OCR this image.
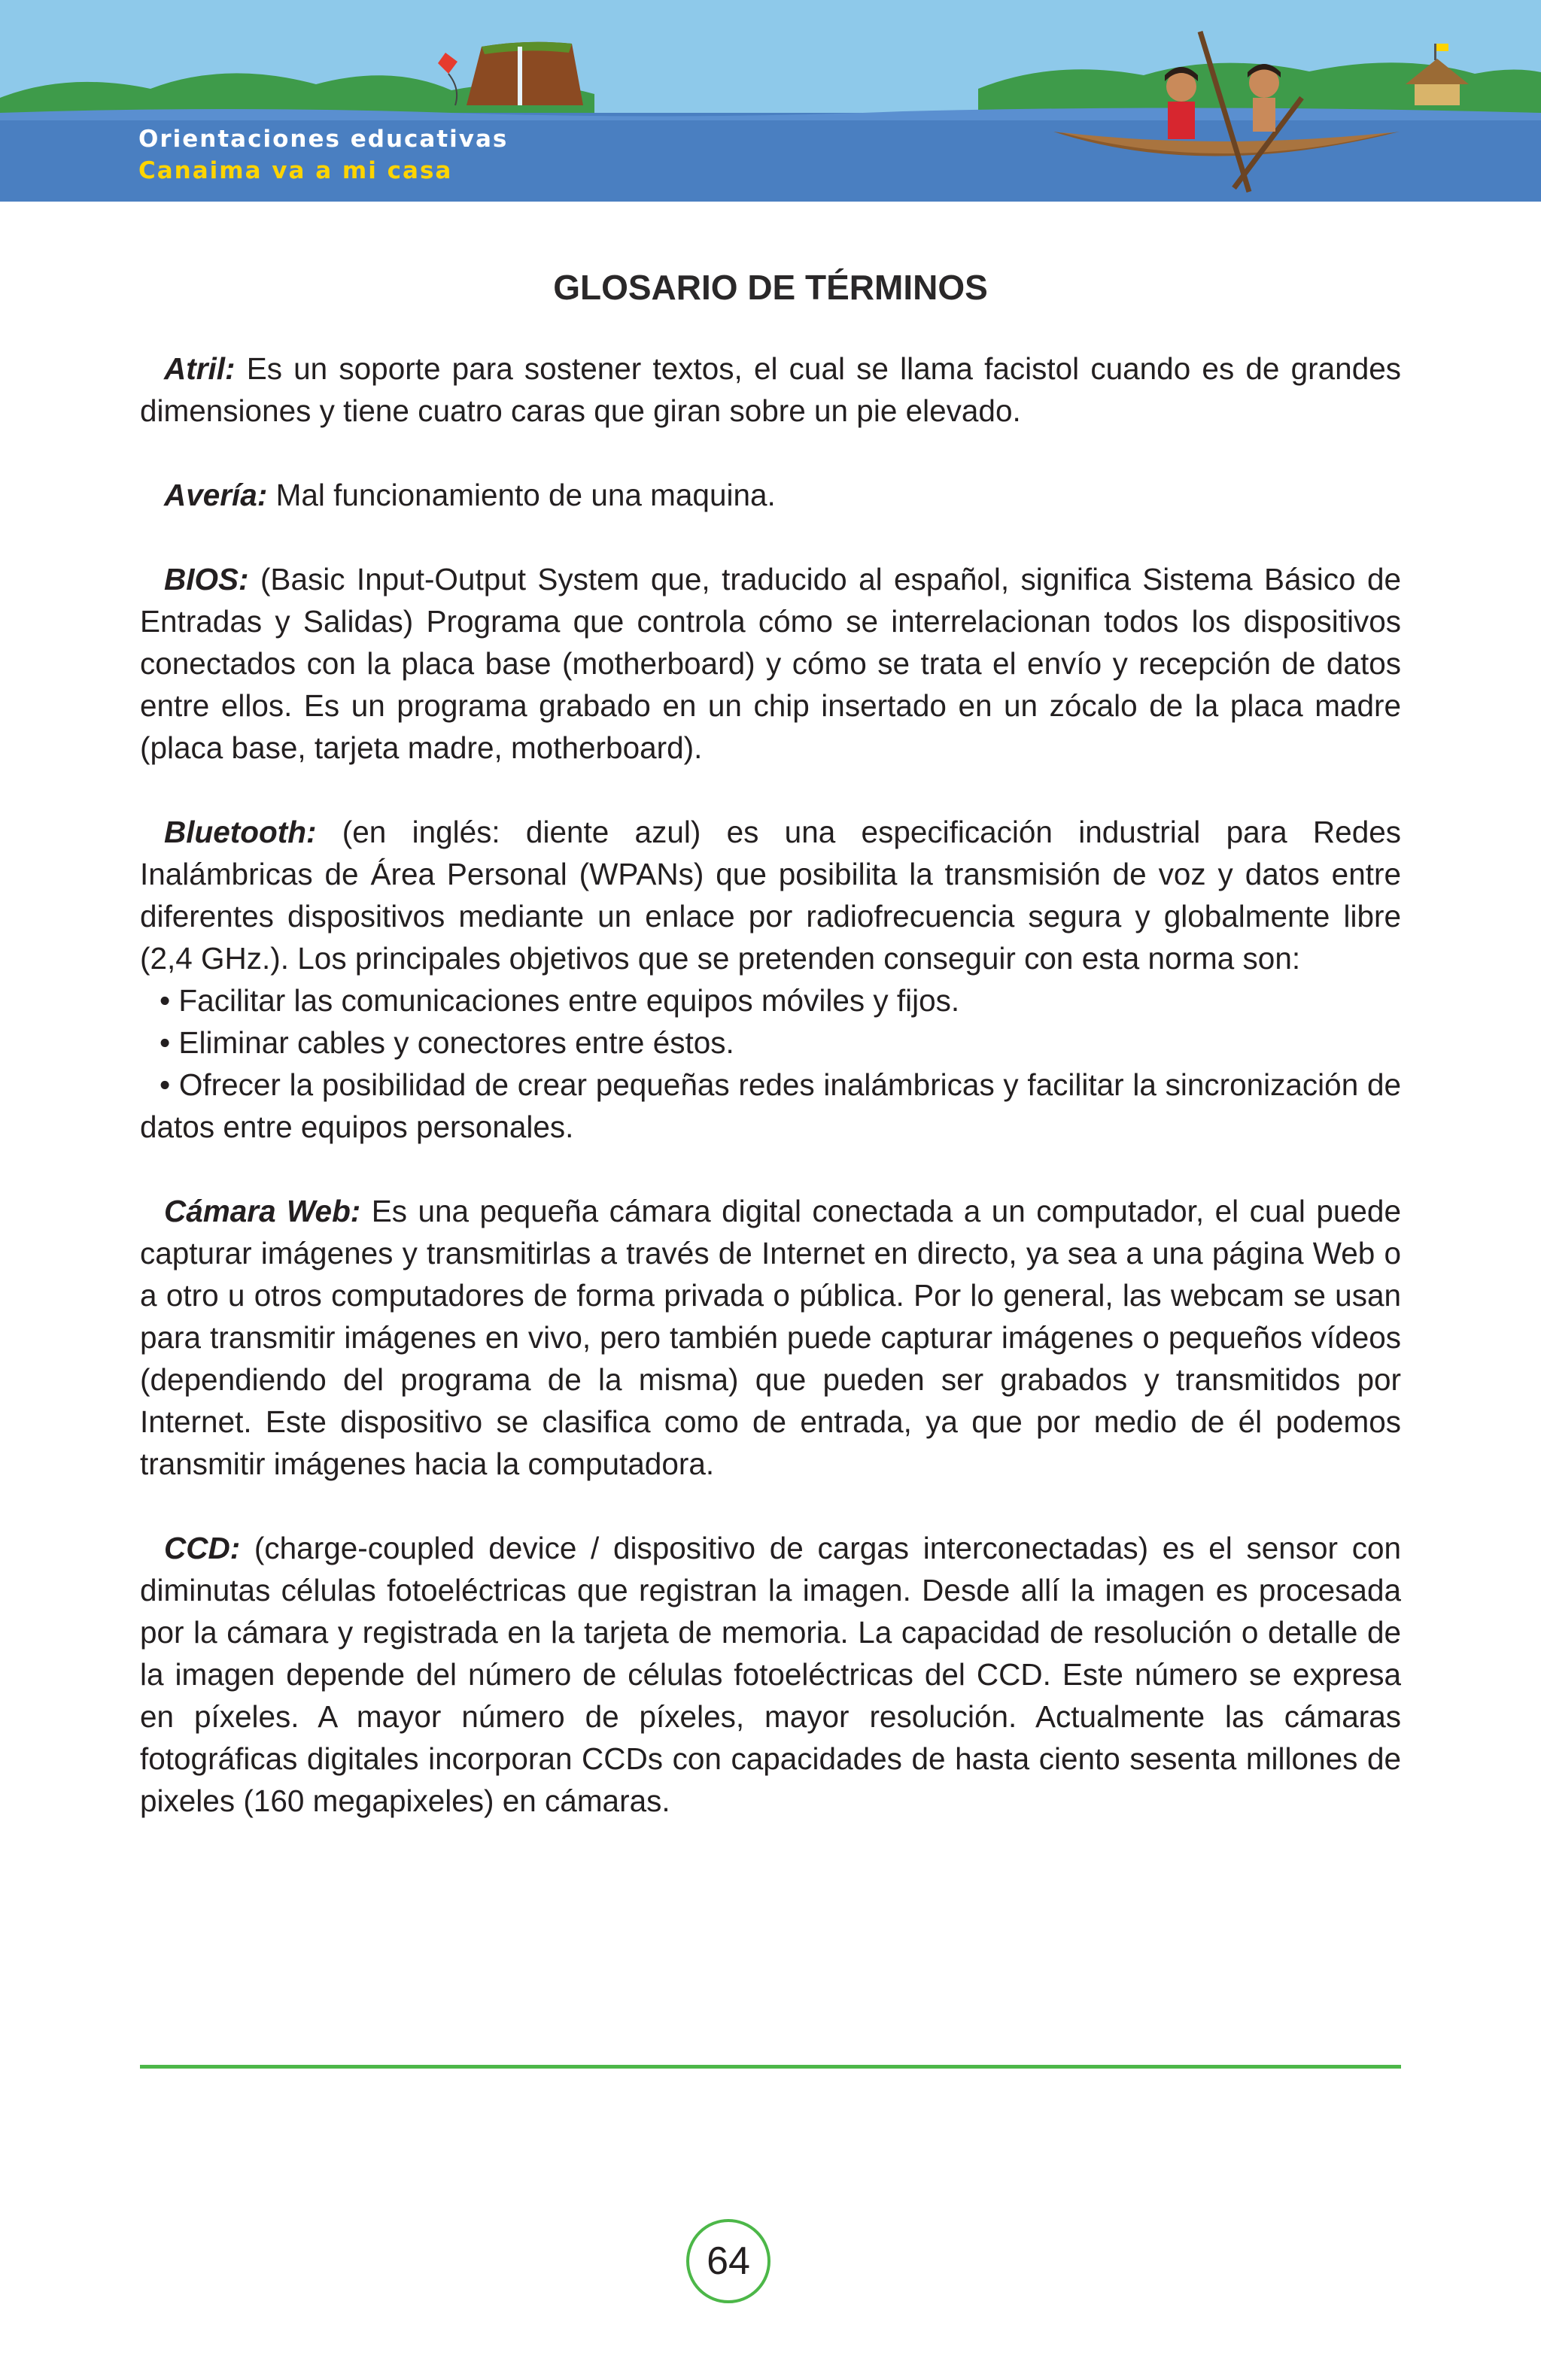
Orientaciones educativas
Canaima va a mi casa
GLOSARIO DE TÉRMINOS

Atril: Es un soporte para sostener textos, el cual se llama facistol cuando es de grandes dimensiones y tiene cuatro caras que giran sobre un pie elevado.

Avería: Mal funcionamiento de una maquina.

BIOS: (Basic Input-Output System que, traducido al español, significa Sistema Básico de Entradas y Salidas) Programa que controla cómo se interrelacionan todos los dispositivos conectados con la placa base (motherboard) y cómo se trata el envío y recepción de datos entre ellos. Es un programa grabado en un chip insertado en un zócalo de la placa madre (placa base, tarjeta madre, motherboard).

Bluetooth: (en inglés: diente azul) es una especificación industrial para Redes Inalámbricas de Área Personal (WPANs) que posibilita la transmisión de voz y datos entre diferentes dispositivos mediante un enlace por radiofrecuencia segura y globalmente libre (2,4 GHz.). Los principales objetivos que se pretenden conseguir con esta norma son:

• Facilitar las comunicaciones entre equipos móviles y fijos.

• Eliminar cables y conectores entre éstos.

• Ofrecer la posibilidad de crear pequeñas redes inalámbricas y facilitar la sincronización de datos entre equipos personales.

Cámara Web: Es una pequeña cámara digital conectada a un computador, el cual puede capturar imágenes y transmitirlas a través de Internet en directo, ya sea a una página Web o a otro u otros computadores de forma privada o pública. Por lo general, las webcam se usan para transmitir imágenes en vivo, pero también puede capturar imágenes o pequeños vídeos (dependiendo del programa de la misma) que pueden ser grabados y transmitidos por Internet. Este dispositivo se clasifica como de entrada, ya que por medio de él podemos transmitir imágenes hacia la computadora.

CCD: (charge-coupled device / dispositivo de cargas interconectadas) es el sensor con diminutas células fotoeléctricas que registran la imagen. Desde allí la imagen es procesada por la cámara y registrada en la tarjeta de memoria. La capacidad de resolución o detalle de la imagen depende del número de células fotoeléctricas del CCD. Este número se expresa en píxeles. A mayor número de píxeles, mayor resolución. Actualmente las cámaras fotográficas digitales incorporan CCDs con capacidades de hasta ciento sesenta millones de pixeles (160 megapixeles) en cámaras.

64
